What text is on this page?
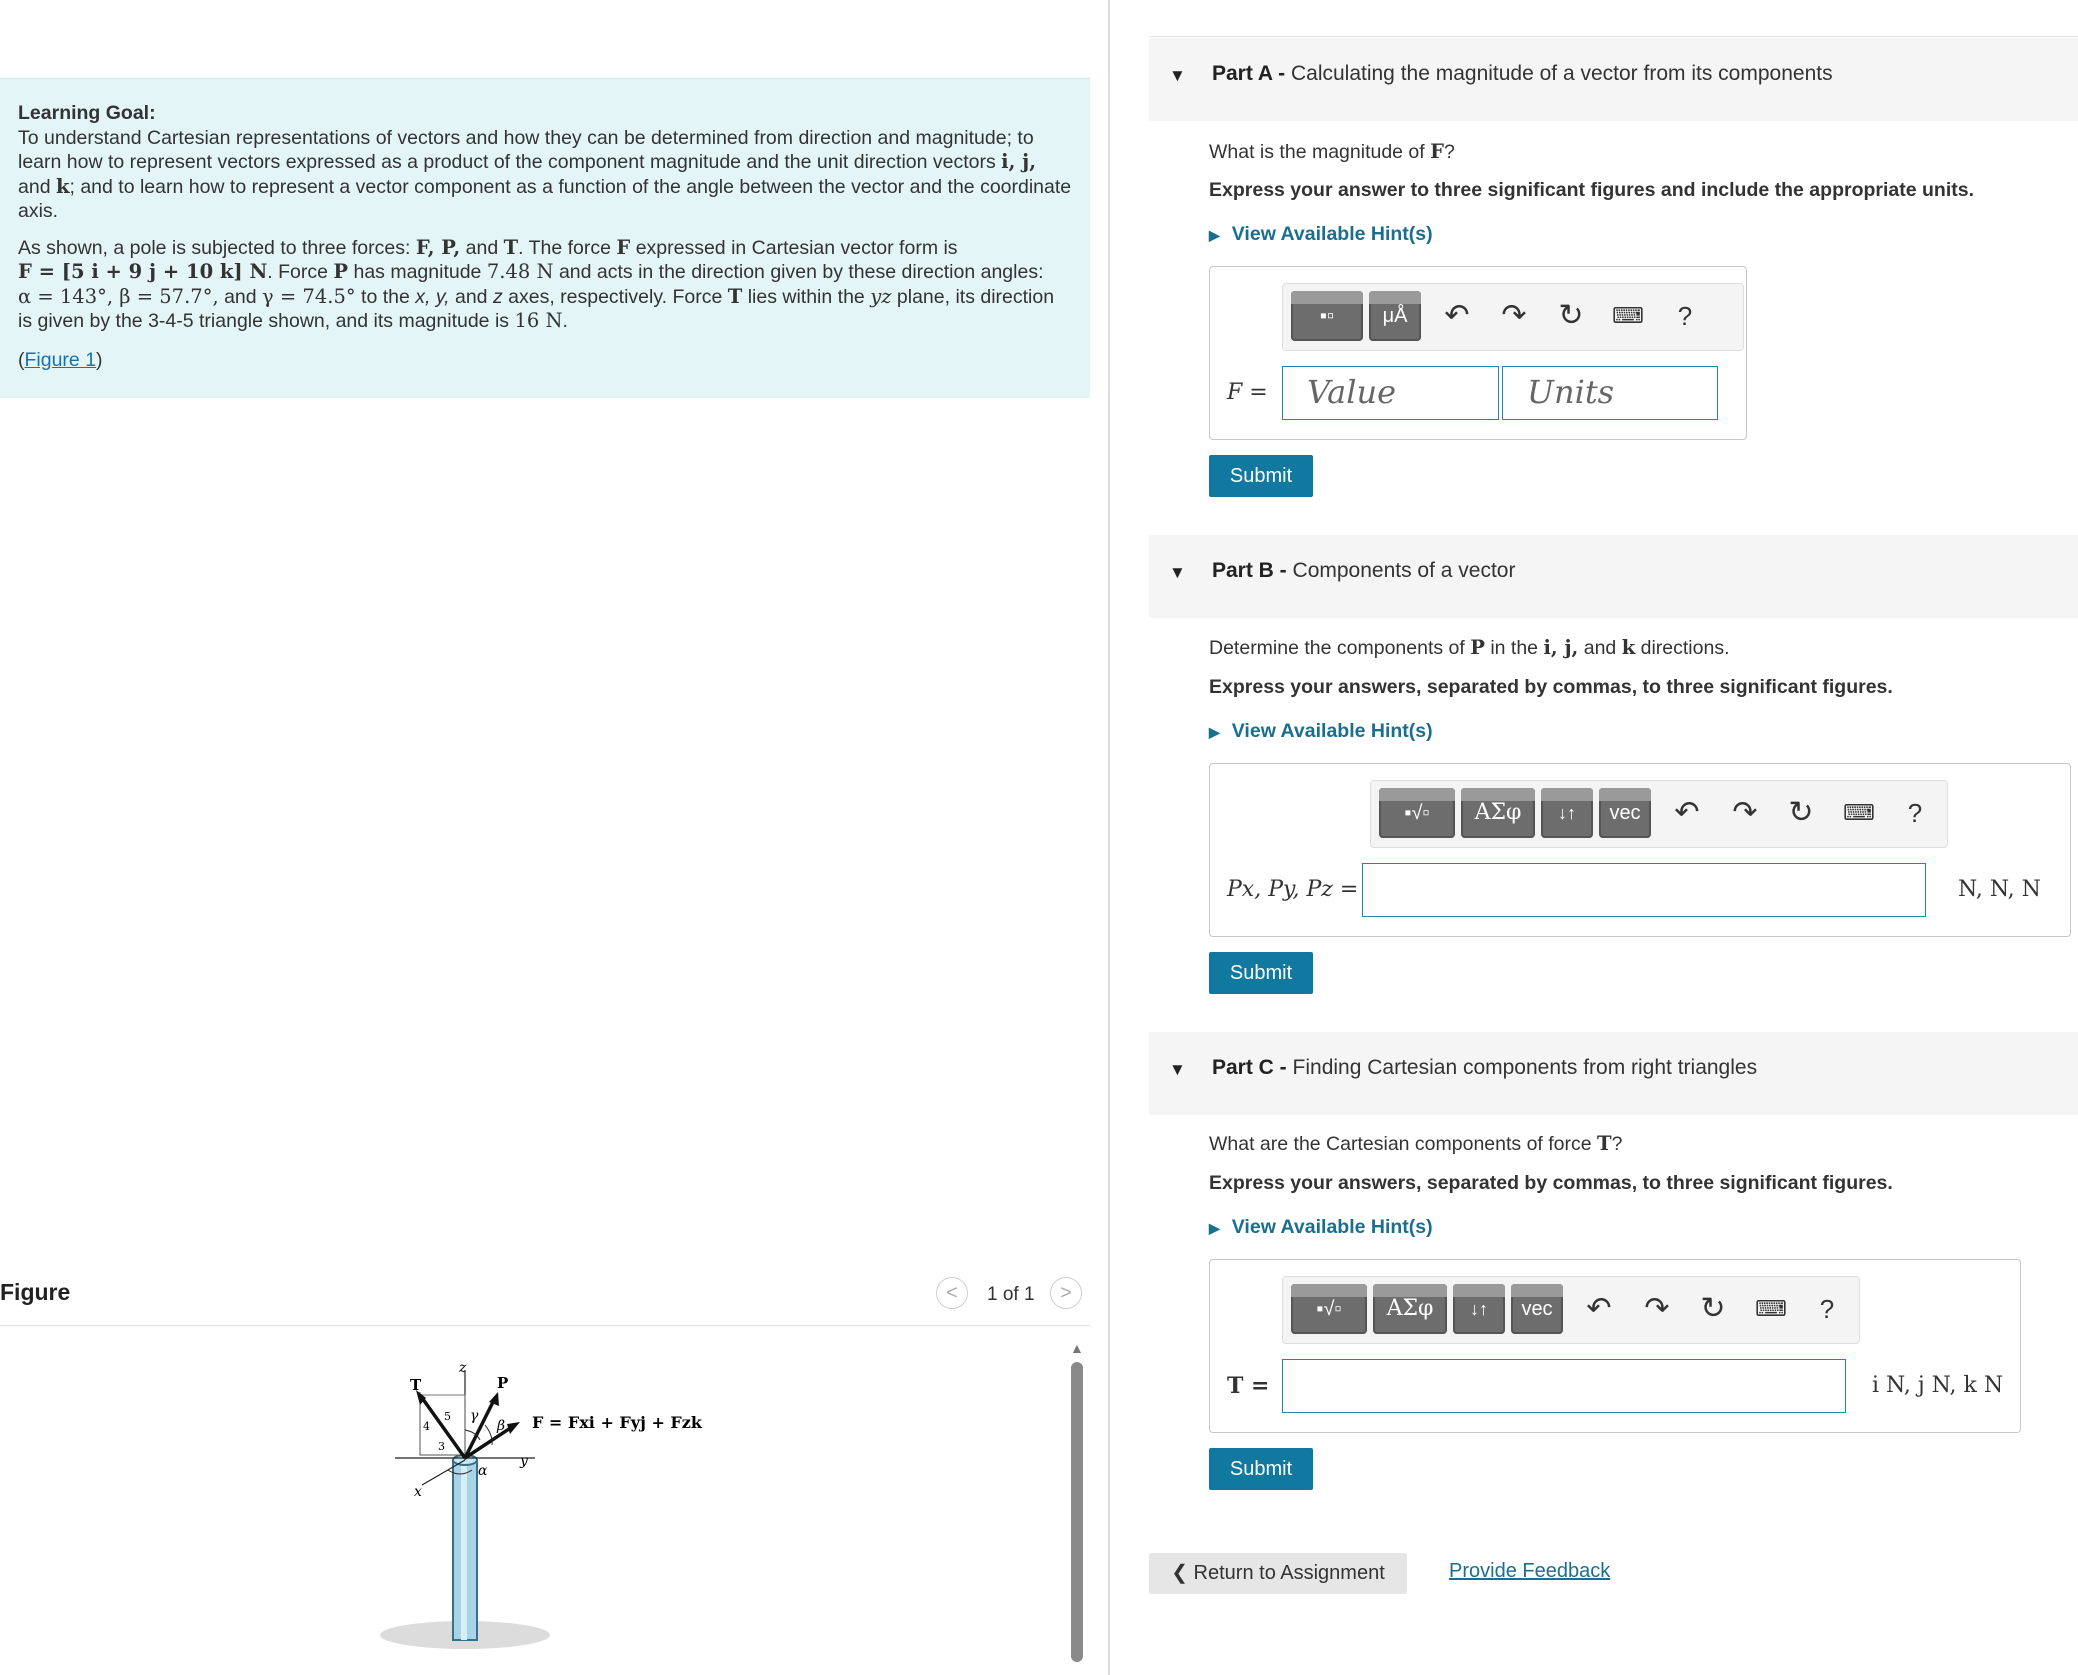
Learning Goal:
To understand Cartesian representations of vectors and how they can be determined from direction and magnitude; to learn how to represent vectors expressed as a product of the component magnitude and the unit direction vectors i, j, and k; and to learn how to represent a vector component as a function of the angle between the vector and the coordinate axis.

As shown, a pole is subjected to three forces: F, P, and T. The force F expressed in Cartesian vector form is
F = [5 i + 9 j + 10 k] N. Force P has magnitude 7.48 N and acts in the direction given by these direction angles:
α = 143°, β = 57.7°, and γ = 74.5° to the x, y, and z axes, respectively. Force T lies within the yz plane, its direction is given by the 3-4-5 triangle shown, and its magnitude is 16 N.

(Figure 1)

Figure	<	1 of 1	>
T	P
z
y
x
γ
β
α
4
5
3
F = Fxi + Fyj + Fzk
▲
▼ Part A - Calculating the magnitude of a vector from its components
What is the magnitude of F?
Express your answer to three significant figures and include the appropriate units.
▶ View Available Hint(s)
▪▫	μÅ	↶ ↷ ↻ ⌨	?
F =	Value	Units
Submit
▼ Part B - Components of a vector
Determine the components of P in the i, j, and k directions.
Express your answers, separated by commas, to three significant figures.
▶ View Available Hint(s)
▪√▫	ΑΣφ	↓↑	vec	↶ ↷ ↻ ⌨	?
Px, Py, Pz =	N, N, N
Submit
▼ Part C - Finding Cartesian components from right triangles
What are the Cartesian components of force T?
Express your answers, separated by commas, to three significant figures.
▶ View Available Hint(s)
▪√▫	ΑΣφ	↓↑	vec	↶ ↷ ↻ ⌨	?
T =	i N, j N, k N
Submit
❮ Return to Assignment	Provide Feedback
